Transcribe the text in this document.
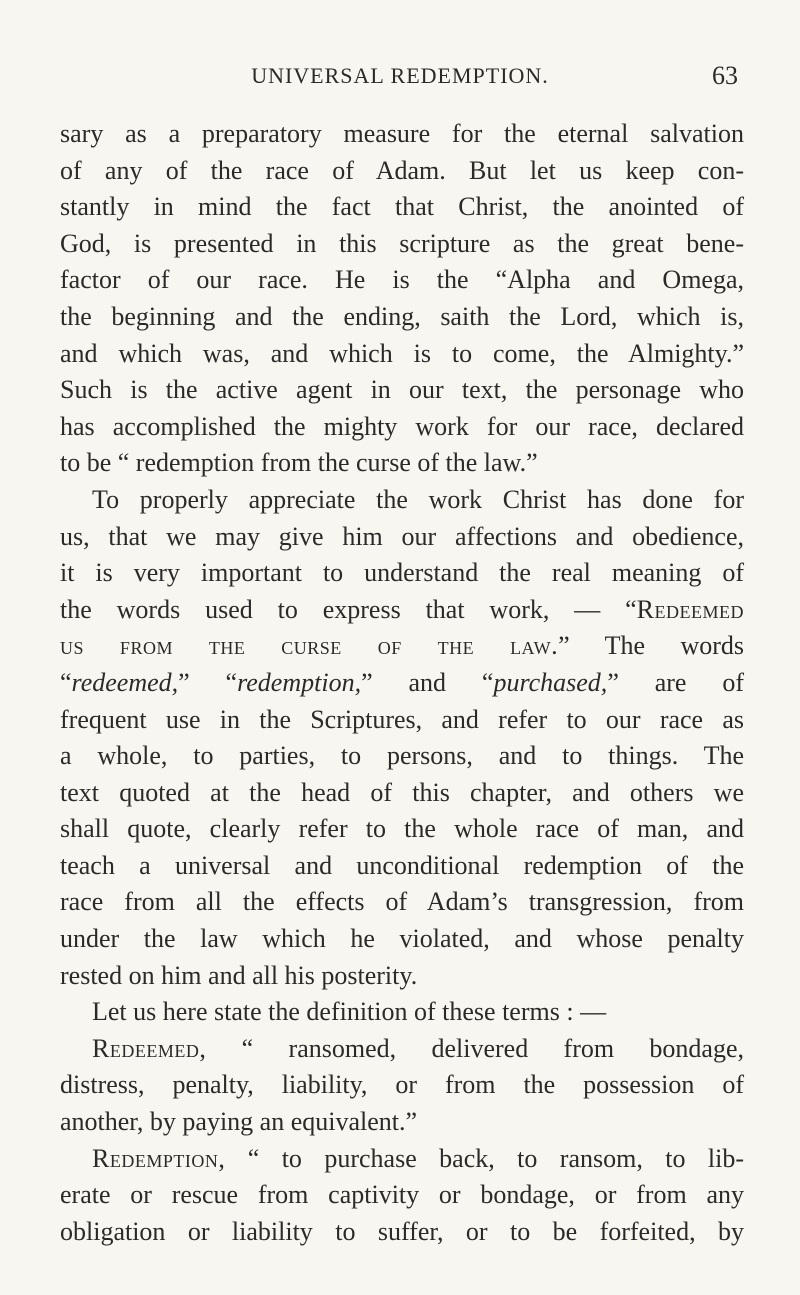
UNIVERSAL REDEMPTION.	63
sary as a preparatory measure for the eternal salvation
of any of the race of Adam. But let us keep con-
stantly in mind the fact that Christ, the anointed of
God, is presented in this scripture as the great bene-
factor of our race. He is the “Alpha and Omega,
the beginning and the ending, saith the Lord, which is,
and which was, and which is to come, the Almighty.”
Such is the active agent in our text, the personage who
has accomplished the mighty work for our race, declared
to be “ redemption from the curse of the law.”
To properly appreciate the work Christ has done for
us, that we may give him our affections and obedience,
it is very important to understand the real meaning of
the words used to express that work, — “Redeemed
us from the curse of the law.” The words
“redeemed,” “redemption,” and “purchased,” are of
frequent use in the Scriptures, and refer to our race as
a whole, to parties, to persons, and to things. The
text quoted at the head of this chapter, and others we
shall quote, clearly refer to the whole race of man, and
teach a universal and unconditional redemption of the
race from all the effects of Adam’s transgression, from
under the law which he violated, and whose penalty
rested on him and all his posterity.
Let us here state the definition of these terms : —
Redeemed, “ ransomed, delivered from bondage,
distress, penalty, liability, or from the possession of
another, by paying an equivalent.”
Redemption, “ to purchase back, to ransom, to lib-
erate or rescue from captivity or bondage, or from any
obligation or liability to suffer, or to be forfeited, by
